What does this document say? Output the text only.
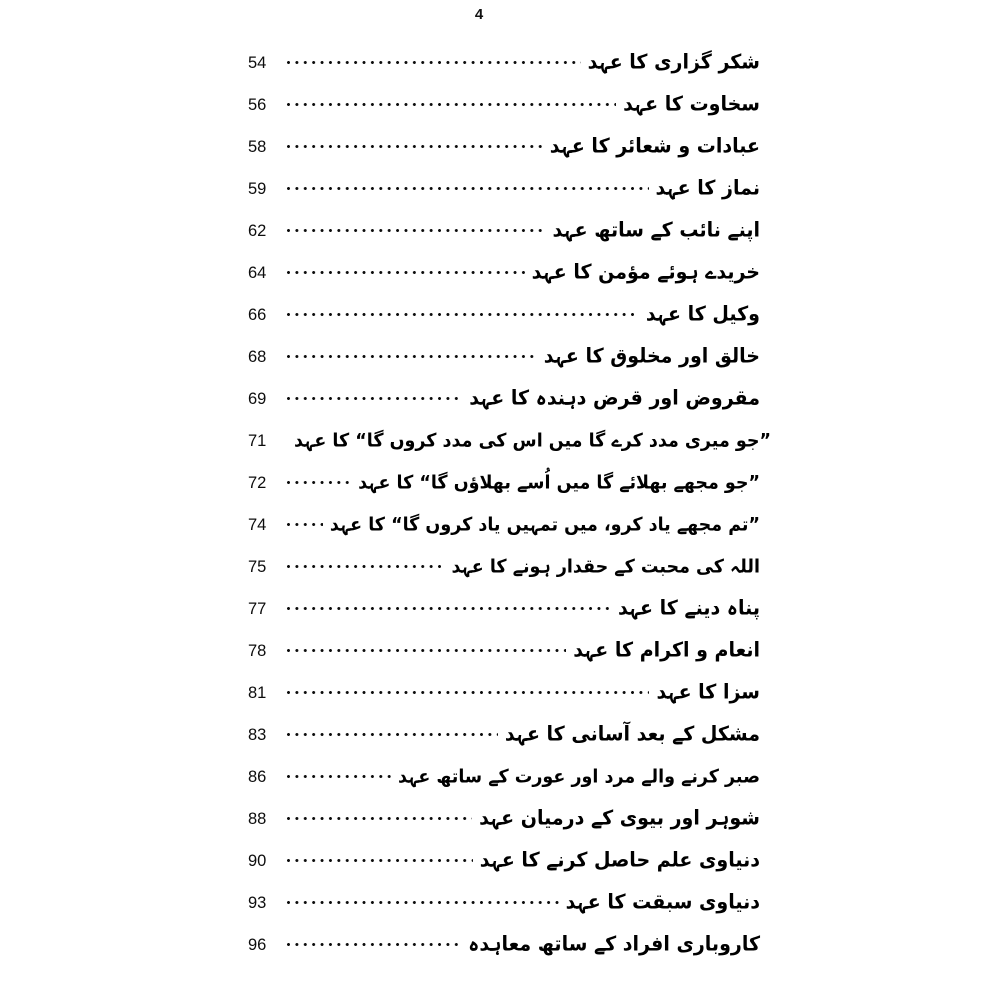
4
54	شکر گزاری کا عہد
56	سخاوت کا عہد
58	عبادات و شعائر کا عہد
59	نماز کا عہد
62	اپنے نائب کے ساتھ عہد
64	خریدے ہوئے مؤمن کا عہد
66	وکیل کا عہد
68	خالق اور مخلوق کا عہد
69	مقروض اور قرض دہندہ کا عہد
71	”جو میری مدد کرے گا میں اس کی مدد کروں گا“ کا عہد
72	”جو مجھے بھلائے گا میں اُسے بھلاؤں گا“ کا عہد
74	”تم مجھے یاد کرو، میں تمہیں یاد کروں گا“ کا عہد
75	اللہ کی محبت کے حقدار ہونے کا عہد
77	پناہ دینے کا عہد
78	انعام و اکرام کا عہد
81	سزا کا عہد
83	مشکل کے بعد آسانی کا عہد
86	صبر کرنے والے مرد اور عورت کے ساتھ عہد
88	شوہر اور بیوی کے درمیان عہد
90	دنیاوی علم حاصل کرنے کا عہد
93	دنیاوی سبقت کا عہد
96	کاروباری افراد کے ساتھ معاہدہ
